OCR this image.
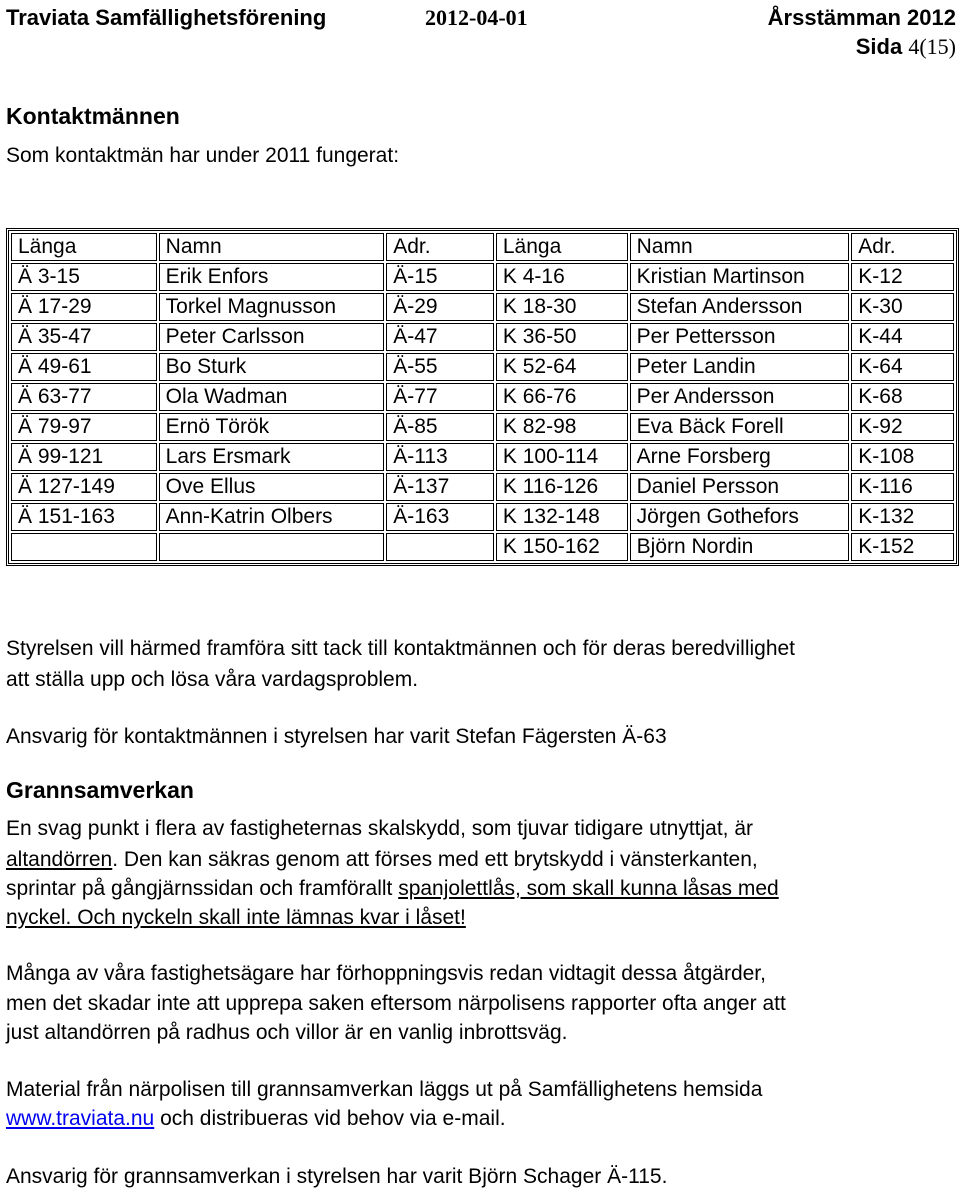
Traviata Samfällighetsförening	2012-04-01	Årsstämman 2012
Sida 4(15)
Kontaktmännen
Som kontaktmän har under 2011 fungerat:
Länga	Namn	Adr.	Länga	Namn	Adr.
Ä 3-15	Erik Enfors	Ä-15	K 4-16	Kristian Martinson	K-12
Ä 17-29	Torkel Magnusson	Ä-29	K 18-30	Stefan Andersson	K-30
Ä 35-47	Peter Carlsson	Ä-47	K 36-50	Per Pettersson	K-44
Ä 49-61	Bo Sturk	Ä-55	K 52-64	Peter Landin	K-64
Ä 63-77	Ola Wadman	Ä-77	K 66-76	Per Andersson	K-68
Ä 79-97	Ernö Török	Ä-85	K 82-98	Eva Bäck Forell	K-92
Ä 99-121	Lars Ersmark	Ä-113	K 100-114	Arne Forsberg	K-108
Ä 127-149	Ove Ellus	Ä-137	K 116-126	Daniel Persson	K-116
Ä 151-163	Ann-Katrin Olbers	Ä-163	K 132-148	Jörgen Gothefors	K-132
			K 150-162	Björn Nordin	K-152
Styrelsen vill härmed framföra sitt tack till kontaktmännen och för deras beredvillighet
att ställa upp och lösa våra vardagsproblem.
Ansvarig för kontaktmännen i styrelsen har varit Stefan Fägersten Ä-63
Grannsamverkan
En svag punkt i flera av fastigheternas skalskydd, som tjuvar tidigare utnyttjat, är
altandörren. Den kan säkras genom att förses med ett brytskydd i vänsterkanten,
sprintar på gångjärnssidan och framförallt spanjolettlås, som skall kunna låsas med
nyckel. Och nyckeln skall inte lämnas kvar i låset!
Många av våra fastighetsägare har förhoppningsvis redan vidtagit dessa åtgärder,
men det skadar inte att upprepa saken eftersom närpolisens rapporter ofta anger att
just altandörren på radhus och villor är en vanlig inbrottsväg.
Material från närpolisen till grannsamverkan läggs ut på Samfällighetens hemsida
www.traviata.nu och distribueras vid behov via e-mail.
Ansvarig för grannsamverkan i styrelsen har varit Björn Schager Ä-115.
